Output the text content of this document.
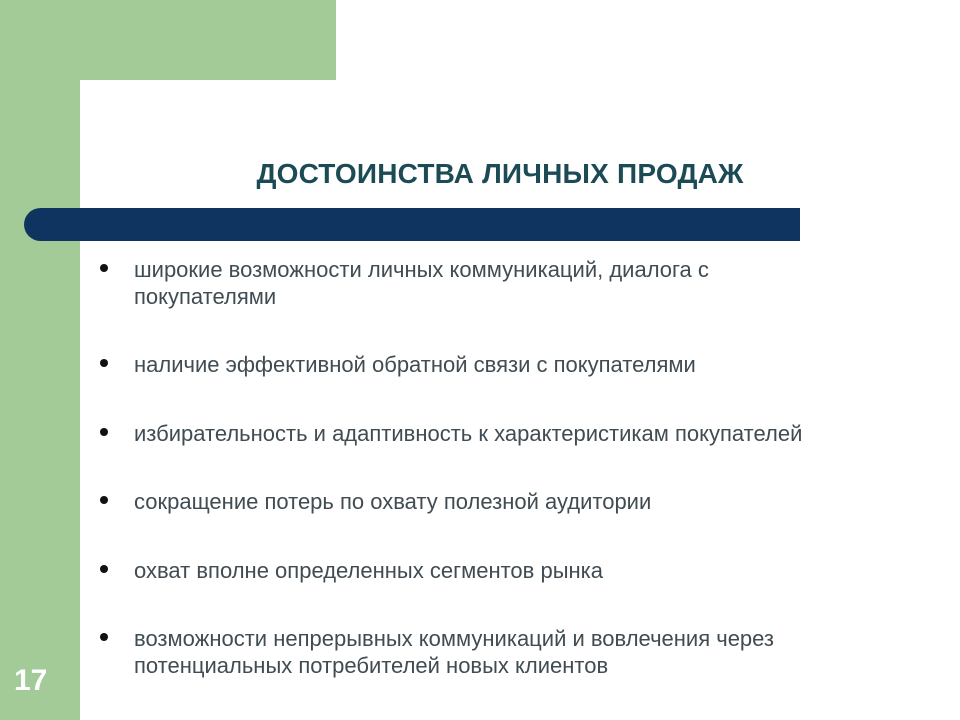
ДОСТОИНСТВА ЛИЧНЫХ ПРОДАЖ
широкие возможности личных коммуникаций, диалога с
покупателями
наличие эффективной обратной связи с покупателями
избирательность и адаптивность к характеристикам покупателей
сокращение потерь по охвату полезной аудитории
охват вполне определенных сегментов рынка
возможности непрерывных коммуникаций и вовлечения через
потенциальных потребителей новых клиентов
17
